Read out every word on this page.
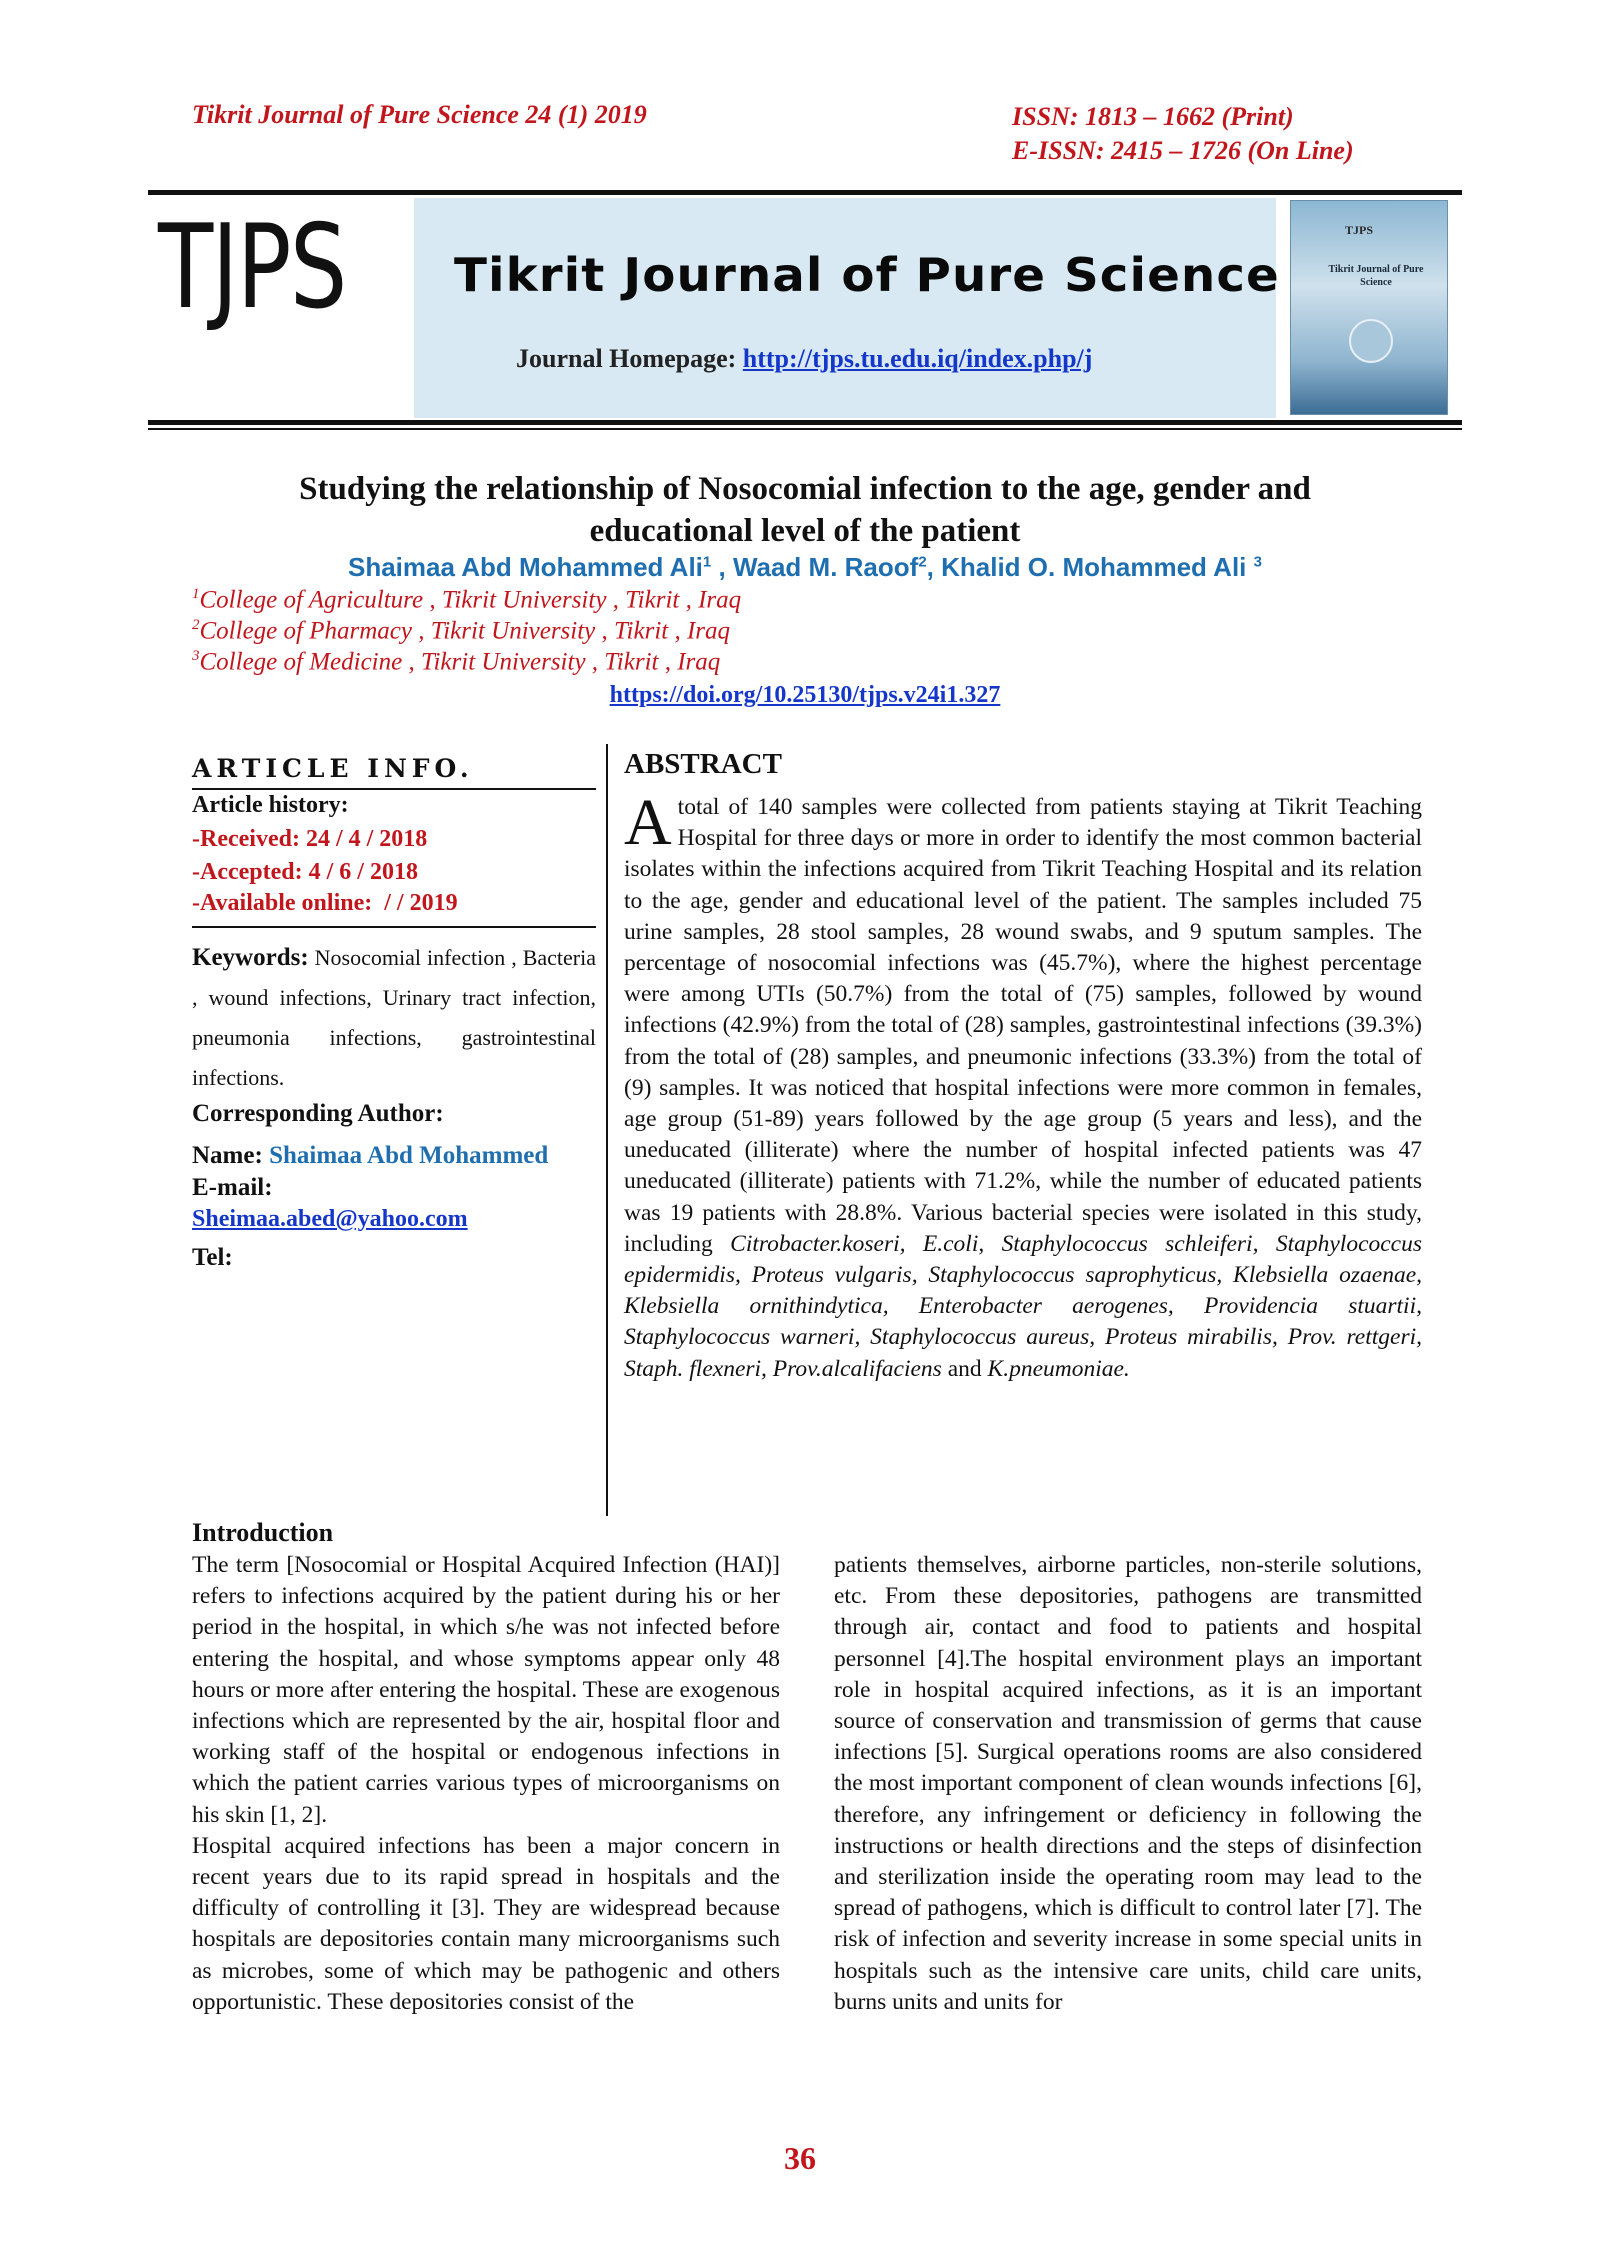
Tikrit Journal of Pure Science 24 (1) 2019	ISSN: 1813 – 1662 (Print)
E-ISSN: 2415 – 1726 (On Line)
TJPS Tikrit Journal of Pure Science
Journal Homepage: http://tjps.tu.edu.iq/index.php/j
TJPS
Tikrit Journal of Pure Science
Studying the relationship of Nosocomial infection to the age, gender and
educational level of the patient
Shaimaa Abd Mohammed Ali$^1$ , Waad M. Raoof$^2$, Khalid O. Mohammed Ali $^3$
$^1$College of Agriculture , Tikrit University , Tikrit , Iraq
$^2$College of Pharmacy , Tikrit University , Tikrit , Iraq
$^3$College of Medicine , Tikrit University , Tikrit , Iraq
https://doi.org/10.25130/tjps.v24i1.327
ARTICLE INFO.
Article history:
-Received: 24 / 4 / 2018
-Accepted: 4 / 6 / 2018
-Available online: / / 2019
Keywords: Nosocomial infection , Bacteria , wound infections, Urinary tract infection, pneumonia infections, gastrointestinal infections.
Corresponding Author:
Name: Shaimaa Abd Mohammed
E-mail:
Sheimaa.abed@yahoo.com
Tel:
ABSTRACT
Atotal of 140 samples were collected from patients staying at Tikrit Teaching Hospital for three days or more in order to identify the most common bacterial isolates within the infections acquired from Tikrit Teaching Hospital and its relation to the age, gender and educational level of the patient. The samples included 75 urine samples, 28 stool samples, 28 wound swabs, and 9 sputum samples. The percentage of nosocomial infections was (45.7%), where the highest percentage were among UTIs (50.7%) from the total of (75) samples, followed by wound infections (42.9%) from the total of (28) samples, gastrointestinal infections (39.3%) from the total of (28) samples, and pneumonic infections (33.3%) from the total of (9) samples. It was noticed that hospital infections were more common in females, age group (51-89) years followed by the age group (5 years and less), and the uneducated (illiterate) where the number of hospital infected patients was 47 uneducated (illiterate) patients with 71.2%, while the number of educated patients was 19 patients with 28.8%. Various bacterial species were isolated in this study, including Citrobacter.koseri, E.coli, Staphylococcus schleiferi, Staphylococcus epidermidis, Proteus vulgaris, Staphylococcus saprophyticus, Klebsiella ozaenae, Klebsiella ornithindytica, Enterobacter aerogenes, Providencia stuartii, Staphylococcus warneri, Staphylococcus aureus, Proteus mirabilis, Prov. rettgeri, Staph. flexneri, Prov.alcalifaciens and K.pneumoniae.
Introduction

The term [Nosocomial or Hospital Acquired Infection (HAI)] refers to infections acquired by the patient during his or her period in the hospital, in which s/he was not infected before entering the hospital, and whose symptoms appear only 48 hours or more after entering the hospital. These are exogenous infections which are represented by the air, hospital floor and working staff of the hospital or endogenous infections in which the patient carries various types of microorganisms on his skin [1, 2].

Hospital acquired infections has been a major concern in recent years due to its rapid spread in hospitals and the difficulty of controlling it [3]. They are widespread because hospitals are depositories contain many microorganisms such as microbes, some of which may be pathogenic and others opportunistic. These depositories consist of the

patients themselves, airborne particles, non-sterile solutions, etc. From these depositories, pathogens are transmitted through air, contact and food to patients and hospital personnel [4].The hospital environment plays an important role in hospital acquired infections, as it is an important source of conservation and transmission of germs that cause infections [5]. Surgical operations rooms are also considered the most important component of clean wounds infections [6], therefore, any infringement or deficiency in following the instructions or health directions and the steps of disinfection and sterilization inside the operating room may lead to the spread of pathogens, which is difficult to control later [7]. The risk of infection and severity increase in some special units in hospitals such as the intensive care units, child care units, burns units and units for

36
